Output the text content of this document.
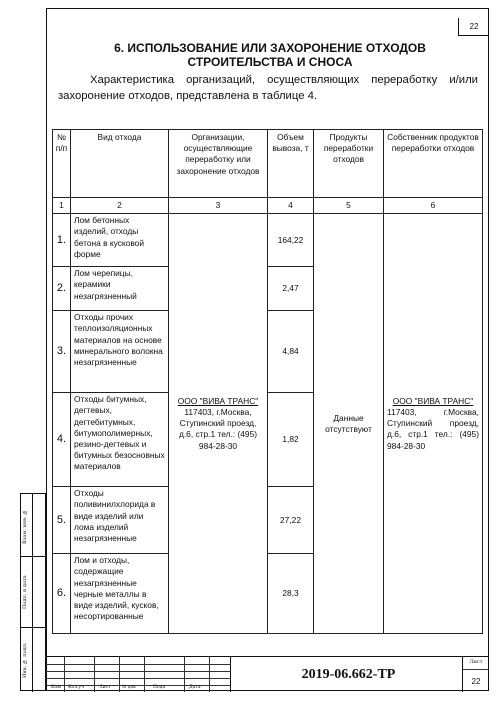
22
6. ИСПОЛЬЗОВАНИЕ ИЛИ ЗАХОРОНЕНИЕ ОТХОДОВ СТРОИТЕЛЬСТВА И СНОСА
Характеристика организаций, осуществляющих переработку и/или захоронение отходов, представлена в таблице 4.
№ п/п	Вид отхода	Организации, осуществляющие переработку или захоронение отходов	Объем вывоза, т	Продукты переработки отходов	Собственник продуктов переработки отходов
1	2	3	4	5	6
1.	Лом бетонных изделий, отходы бетона в кусковой форме	ООО "ВИВА ТРАНС"
117403, г.Москва, Ступинский проезд, д.6, стр.1 тел.: (495) 984-28-30	164,22	Данные отсутствуют	ООО "ВИВА ТРАНС"
117403, г.Москва, Ступинский проезд, д.6, стр.1 тел.: (495) 984-28-30
2.	Лом черепицы, керамики незагрязненный		2,47		
3.	Отходы прочих теплоизоляционных материалов на основе минерального волокна незагрязненные		4,84		
4.	Отходы битумных, дегтевых, дегтебитумных, битумополимерных, резино-дегтевых и битумных безосновных материалов		1,82		
5.	Отходы поливинилхлорида в виде изделий или лома изделий незагрязненные		27,22		
6.	Лом и отходы, содержащие незагрязненные черные металлы в виде изделий, кусков, несортированные		28,3		
Изм Кол.уч	Лист № док	Подп	Дата
2019-06.662-ТР
Лист
22
Взам. инв. №
Подп. и дата
Инв. № подл.
